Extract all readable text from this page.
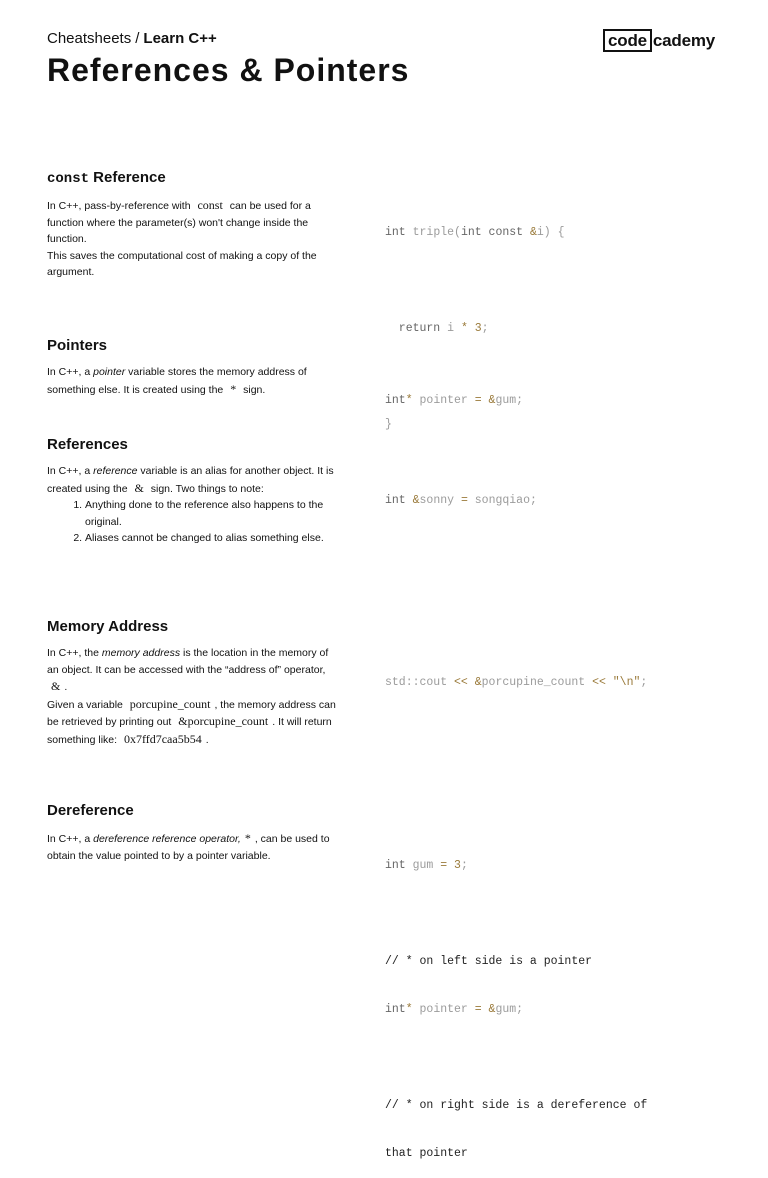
Cheatsheets / Learn C++	code cademy
References & Pointers
const Reference

In C++, pass-by-reference with const can be used for a function where the parameter(s) won't change inside the function.

This saves the computational cost of making a copy of the argument.

int triple(int const &i) {

return i * 3;

}

Pointers

In C++, a pointer variable stores the memory address of something else. It is created using the * sign.

int* pointer = &gum;

References

In C++, a reference variable is an alias for another object. It is created using the & sign. Two things to note:

1. Anything done to the reference also happens to the original.
2. Aliases cannot be changed to alias something else.

int &sonny = songqiao;

Memory Address

In C++, the memory address is the location in the memory of an object. It can be accessed with the “address of” operator, & .

Given a variable porcupine_count , the memory address can be retrieved by printing out &porcupine_count . It will return something like: 0x7ffd7caa5b54 .

std::cout << &porcupine_count << "\n";

Dereference

In C++, a dereference reference operator, * , can be used to obtain the value pointed to by a pointer variable.

int gum = 3;

// * on left side is a pointer

int* pointer = &gum;

// * on right side is a dereference of

that pointer
